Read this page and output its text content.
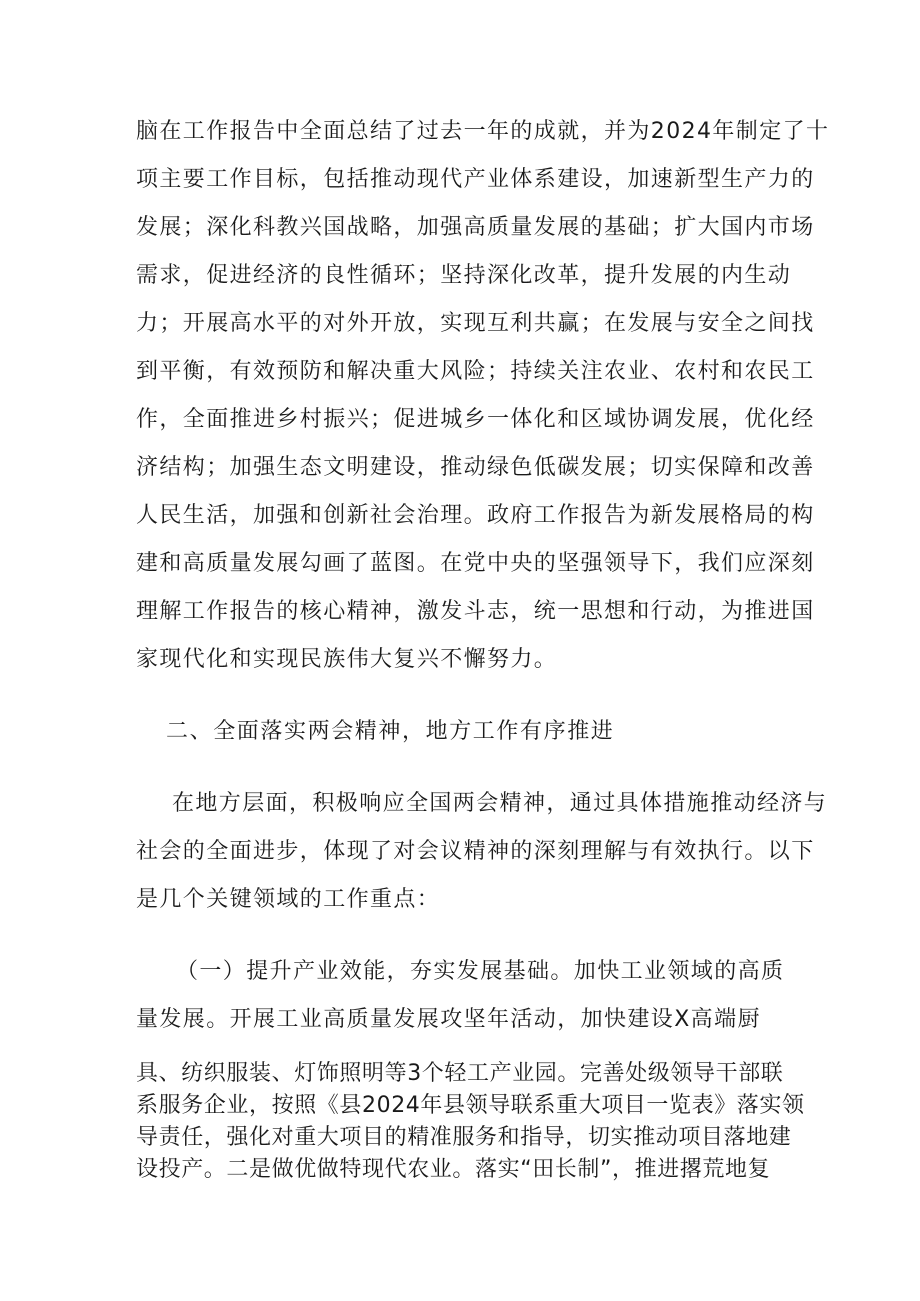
脑在工作报告中全面总结了过去一年的成就，并为2024年制定了十
项主要工作目标，包括推动现代产业体系建设，加速新型生产力的
发展；深化科教兴国战略，加强高质量发展的基础；扩大国内市场
需求，促进经济的良性循环；坚持深化改革，提升发展的内生动
力；开展高水平的对外开放，实现互利共赢；在发展与安全之间找
到平衡，有效预防和解决重大风险；持续关注农业、农村和农民工
作，全面推进乡村振兴；促进城乡一体化和区域协调发展，优化经
济结构；加强生态文明建设，推动绿色低碳发展；切实保障和改善
人民生活，加强和创新社会治理。政府工作报告为新发展格局的构
建和高质量发展勾画了蓝图。在党中央的坚强领导下，我们应深刻
理解工作报告的核心精神，激发斗志，统一思想和行动，为推进国
家现代化和实现民族伟大复兴不懈努力。
二、全面落实两会精神，地方工作有序推进
在地方层面，积极响应全国两会精神，通过具体措施推动经济与
社会的全面进步，体现了对会议精神的深刻理解与有效执行。以下
是几个关键领域的工作重点：
（一）提升产业效能，夯实发展基础。加快工业领域的高质
量发展。开展工业高质量发展攻坚年活动，加快建设X高端厨
具、纺织服装、灯饰照明等3个轻工产业园。完善处级领导干部联
系服务企业，按照《县2024年县领导联系重大项目一览表》落实领
导责任，强化对重大项目的精准服务和指导，切实推动项目落地建
设投产。二是做优做特现代农业。落实“田长制”，推进撂荒地复
